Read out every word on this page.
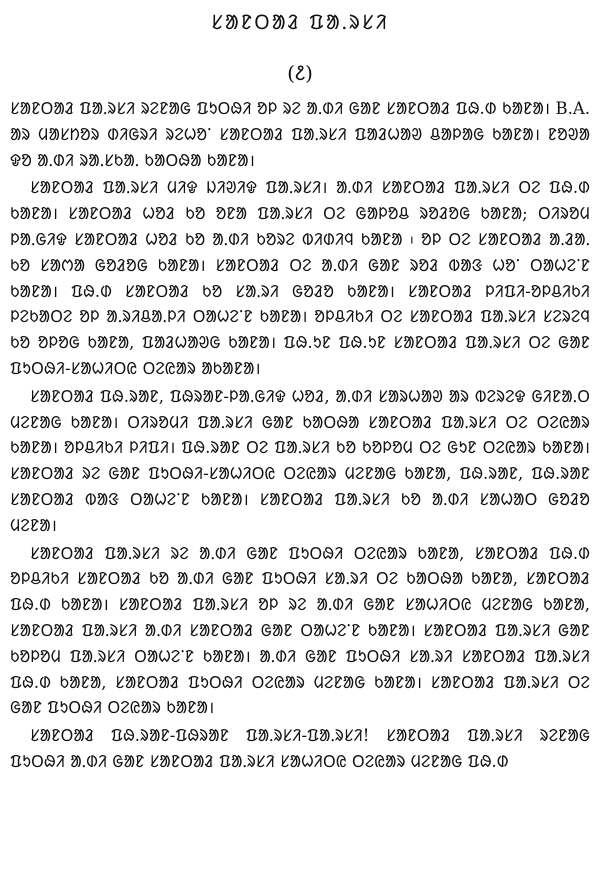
ᱥᱟᱱᱛᱟᱲ ᱯᱟᱹᱨᱥᱤ
(᱒)

ᱥᱟᱱᱛᱟᱲ ᱯᱟᱹᱨᱥᱤ ᱨᱮᱱᱟᱜ ᱯᱩᱛᱷᱤ ᱚᱞ ᱨᱮ ᱟᱹᱰᱤ ᱜᱟᱱ ᱥᱟᱱᱛᱟᱲ ᱯᱷ.ᱰ ᱠᱟᱱᱟ। B.A. ᱟᱨ ᱢᱟᱥᱴᱚᱨ ᱰᱤᱜᱨᱤ ᱨᱮᱦᱚᱸ ᱥᱟᱱᱛᱟᱲ ᱯᱟᱹᱨᱥᱤ ᱯᱟᱲᱦᱟᱣ ᱪᱟᱞᱟᱜ ᱠᱟᱱᱟ। ᱱᱚᱣᱟ ᱫᱚ ᱟᱹᱰᱤ ᱨᱟᱹᱥᱠᱟᱹ ᱠᱟᱛᱷᱟ ᱠᱟᱱᱟ।

ᱥᱟᱱᱛᱟᱲ ᱯᱟᱹᱨᱥᱤ ᱢᱤᱫ ᱡᱤᱣᱤᱫ ᱯᱟᱹᱨᱥᱤ। ᱟᱹᱰᱤ ᱥᱟᱱᱛᱟᱲ ᱯᱟᱹᱨᱥᱤ ᱛᱮ ᱯᱷ.ᱰ ᱠᱟᱱᱟ। ᱥᱟᱱᱛᱟᱲ ᱦᱚᱲ ᱠᱚ ᱚᱱᱟ ᱯᱟᱹᱨᱥᱤ ᱛᱮ ᱜᱟᱞᱚᱪ ᱨᱚᱲᱚᱜ ᱠᱟᱱᱟ; ᱛᱤᱨᱚᱢ ᱞᱟᱹᱜᱤᱫ ᱥᱟᱱᱛᱟᱲ ᱦᱚᱲ ᱠᱚ ᱟᱹᱰᱤ ᱠᱚᱨᱮ ᱵᱤᱰᱤᱧ ᱠᱟᱱᱟ ᱾ ᱚᱞ ᱛᱮ ᱥᱟᱱᱛᱟᱲ ᱟᱹᱲᱟᱹ ᱠᱚ ᱥᱟᱬᱟ ᱜᱚᱲᱚᱜ ᱠᱟᱱᱟ। ᱥᱟᱱᱛᱟᱲ ᱛᱮ ᱟᱹᱰᱤ ᱜᱟᱱ ᱨᱚᱲ ᱵᱟᱝ ᱦᱚᱸ ᱛᱟᱦᱮᱸᱱ ᱠᱟᱱᱟ। ᱯᱷ.ᱰ ᱥᱟᱱᱛᱟᱲ ᱠᱚ ᱥᱟᱹᱨᱤ ᱜᱚᱲᱚ ᱠᱟᱱᱟ। ᱥᱟᱱᱛᱟᱲ ᱞᱤᱯᱤ-ᱚᱞᱪᱤᱠᱤ ᱞᱮᱠᱟᱛᱮ ᱚᱞ ᱟᱹᱨᱤᱪᱟᱹᱞᱤ ᱛᱟᱦᱮᱸᱱ ᱠᱟᱱᱟ। ᱚᱞᱪᱤᱠᱤ ᱛᱮ ᱥᱟᱱᱛᱟᱲ ᱯᱟᱹᱨᱥᱤ ᱥᱮᱨᱮᱧ ᱠᱚ ᱚᱞᱚᱜ ᱠᱟᱱᱟ, ᱯᱟᱲᱦᱟᱣᱜ ᱠᱟᱱᱟ। ᱯᱷ.ᱩᱱ ᱯᱷ.ᱩᱱ ᱥᱟᱱᱛᱟᱲ ᱯᱟᱹᱨᱥᱤ ᱛᱮ ᱜᱟᱱ ᱯᱩᱛᱷᱤ-ᱥᱟᱦᱤᱛᱭ ᱛᱮᱭᱟᱨ ᱟᱠᱟᱱᱟ।

ᱥᱟᱱᱛᱟᱲ ᱯᱷ.ᱨᱟᱱ, ᱯᱷᱨᱟᱱ-ᱞᱟᱹᱜᱤᱫ ᱦᱚᱲ, ᱟᱹᱰᱤ ᱥᱟᱨᱦᱟᱣ ᱟᱨ ᱵᱮᱨᱮᱫ ᱜᱤᱱᱟᱹᱛ ᱢᱮᱱᱟᱜ ᱠᱟᱱᱟ। ᱛᱤᱨᱚᱢᱤ ᱯᱟᱹᱨᱥᱤ ᱜᱟᱱ ᱠᱟᱛᱷᱟ ᱥᱟᱱᱛᱟᱲ ᱯᱟᱹᱨᱥᱤ ᱛᱮ ᱛᱮᱭᱟᱨ ᱠᱟᱱᱟ। ᱚᱞᱪᱤᱠᱤ ᱞᱤᱯᱤ। ᱯᱷ.ᱨᱟᱱ ᱛᱮ ᱯᱟᱹᱨᱥᱤ ᱠᱚ ᱠᱚᱞᱚᱢ ᱛᱮ ᱜᱩᱱ ᱛᱮᱭᱟᱨ ᱠᱟᱱᱟ। ᱥᱟᱱᱛᱟᱲ ᱨᱮ ᱜᱟᱱ ᱯᱩᱛᱷᱤ-ᱥᱟᱦᱤᱛᱭ ᱛᱮᱭᱟᱨ ᱢᱮᱱᱟᱜ ᱠᱟᱱᱟ, ᱯᱷ.ᱨᱟᱱ, ᱯᱷ.ᱨᱟᱱ ᱥᱟᱱᱛᱟᱲ ᱵᱟᱝ ᱛᱟᱦᱮᱸᱱ ᱠᱟᱱᱟ। ᱥᱟᱱᱛᱟᱲ ᱯᱟᱹᱨᱥᱤ ᱠᱚ ᱟᱹᱰᱤ ᱥᱟᱦᱟᱛ ᱜᱚᱲᱚ ᱢᱮᱱᱟ।

ᱥᱟᱱᱛᱟᱲ ᱯᱟᱹᱨᱥᱤ ᱨᱮ ᱟᱹᱰᱤ ᱜᱟᱱ ᱯᱩᱛᱷᱤ ᱛᱮᱭᱟᱨ ᱠᱟᱱᱟ, ᱥᱟᱱᱛᱟᱲ ᱯᱷ.ᱰ ᱚᱞᱪᱤᱠᱤ ᱥᱟᱱᱛᱟᱲ ᱠᱚ ᱟᱹᱰᱤ ᱜᱟᱱ ᱯᱩᱛᱷᱤ ᱥᱟᱹᱨᱤ ᱛᱮ ᱠᱟᱛᱷᱟ ᱠᱟᱱᱟ, ᱥᱟᱱᱛᱟᱲ ᱯᱷ.ᱰ ᱠᱟᱱᱟ। ᱥᱟᱱᱛᱟᱲ ᱯᱟᱹᱨᱥᱤ ᱚᱞ ᱨᱮ ᱟᱹᱰᱤ ᱜᱟᱱ ᱥᱟᱦᱤᱛᱭ ᱢᱮᱱᱟᱜ ᱠᱟᱱᱟ, ᱥᱟᱱᱛᱟᱲ ᱯᱟᱹᱨᱥᱤ ᱟᱹᱰᱤ ᱥᱟᱱᱛᱟᱲ ᱜᱟᱱ ᱛᱟᱦᱮᱸᱱ ᱠᱟᱱᱟ। ᱥᱟᱱᱛᱟᱲ ᱯᱟᱹᱨᱥᱤ ᱜᱟᱱ ᱠᱚᱞᱚᱢ ᱯᱟᱹᱨᱥᱤ ᱛᱟᱦᱮᱸᱱ ᱠᱟᱱᱟ। ᱟᱹᱰᱤ ᱜᱟᱱ ᱯᱩᱛᱷᱤ ᱥᱟᱹᱨᱤ ᱥᱟᱱᱛᱟᱲ ᱯᱟᱹᱨᱥᱤ ᱯᱷ.ᱰ ᱠᱟᱱᱟ, ᱥᱟᱱᱛᱟᱲ ᱯᱩᱛᱷᱤ ᱛᱮᱭᱟᱨ ᱢᱮᱱᱟᱜ ᱠᱟᱱᱟ। ᱥᱟᱱᱛᱟᱲ ᱯᱟᱹᱨᱥᱤ ᱛᱮ ᱜᱟᱱ ᱯᱩᱛᱷᱤ ᱛᱮᱭᱟᱨ ᱠᱟᱱᱟ।

ᱥᱟᱱᱛᱟᱲ ᱯᱷ.ᱨᱟᱱ-ᱯᱷᱨᱟᱱ ᱯᱟᱹᱨᱥᱤ-ᱯᱟᱹᱨᱥᱤ! ᱥᱟᱱᱛᱟᱲ ᱯᱟᱹᱨᱥᱤ ᱨᱮᱱᱟᱜ ᱯᱩᱛᱷᱤ ᱟᱹᱰᱤ ᱜᱟᱱ ᱥᱟᱱᱛᱟᱲ ᱯᱟᱹᱨᱥᱤ ᱥᱟᱦᱤᱛᱭ ᱛᱮᱭᱟᱨ ᱢᱮᱱᱟᱜ ᱯᱷ.ᱰ
